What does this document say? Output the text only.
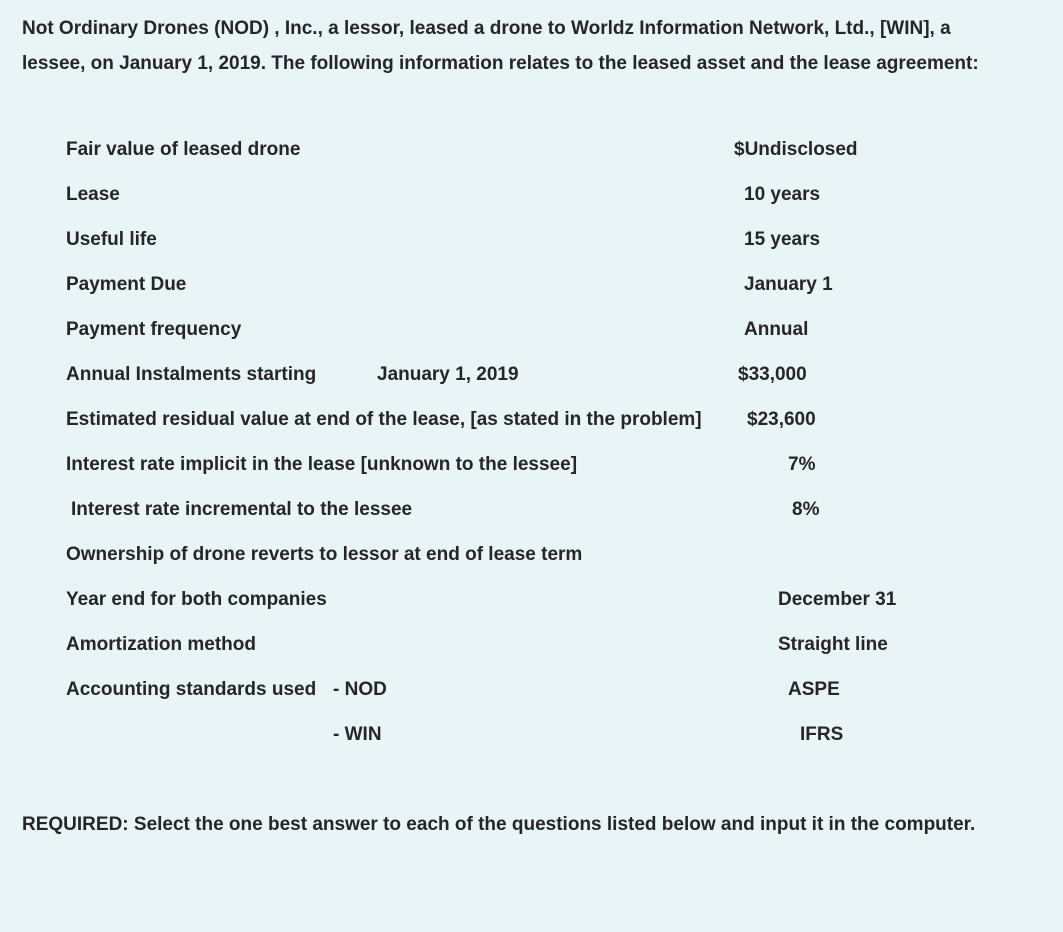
Not Ordinary Drones (NOD) , Inc., a lessor, leased a drone to Worldz Information Network, Ltd., [WIN], a
lessee, on January 1, 2019. The following information relates to the leased asset and the lease agreement:
Fair value of leased drone	$Undisclosed
Lease	10 years
Useful life	15 years
Payment Due	January 1
Payment frequency	Annual
Annual Instalments starting	January 1, 2019	$33,000
Estimated residual value at end of the lease, [as stated in the problem] $23,600
Interest rate implicit in the lease [unknown to the lessee]	7%
Interest rate incremental to the lessee	8%
Ownership of drone reverts to lessor at end of lease term
Year end for both companies	December 31
Amortization method	Straight line
Accounting standards used - NOD	ASPE
- WIN	IFRS
REQUIRED: Select the one best answer to each of the questions listed below and input it in the computer.
